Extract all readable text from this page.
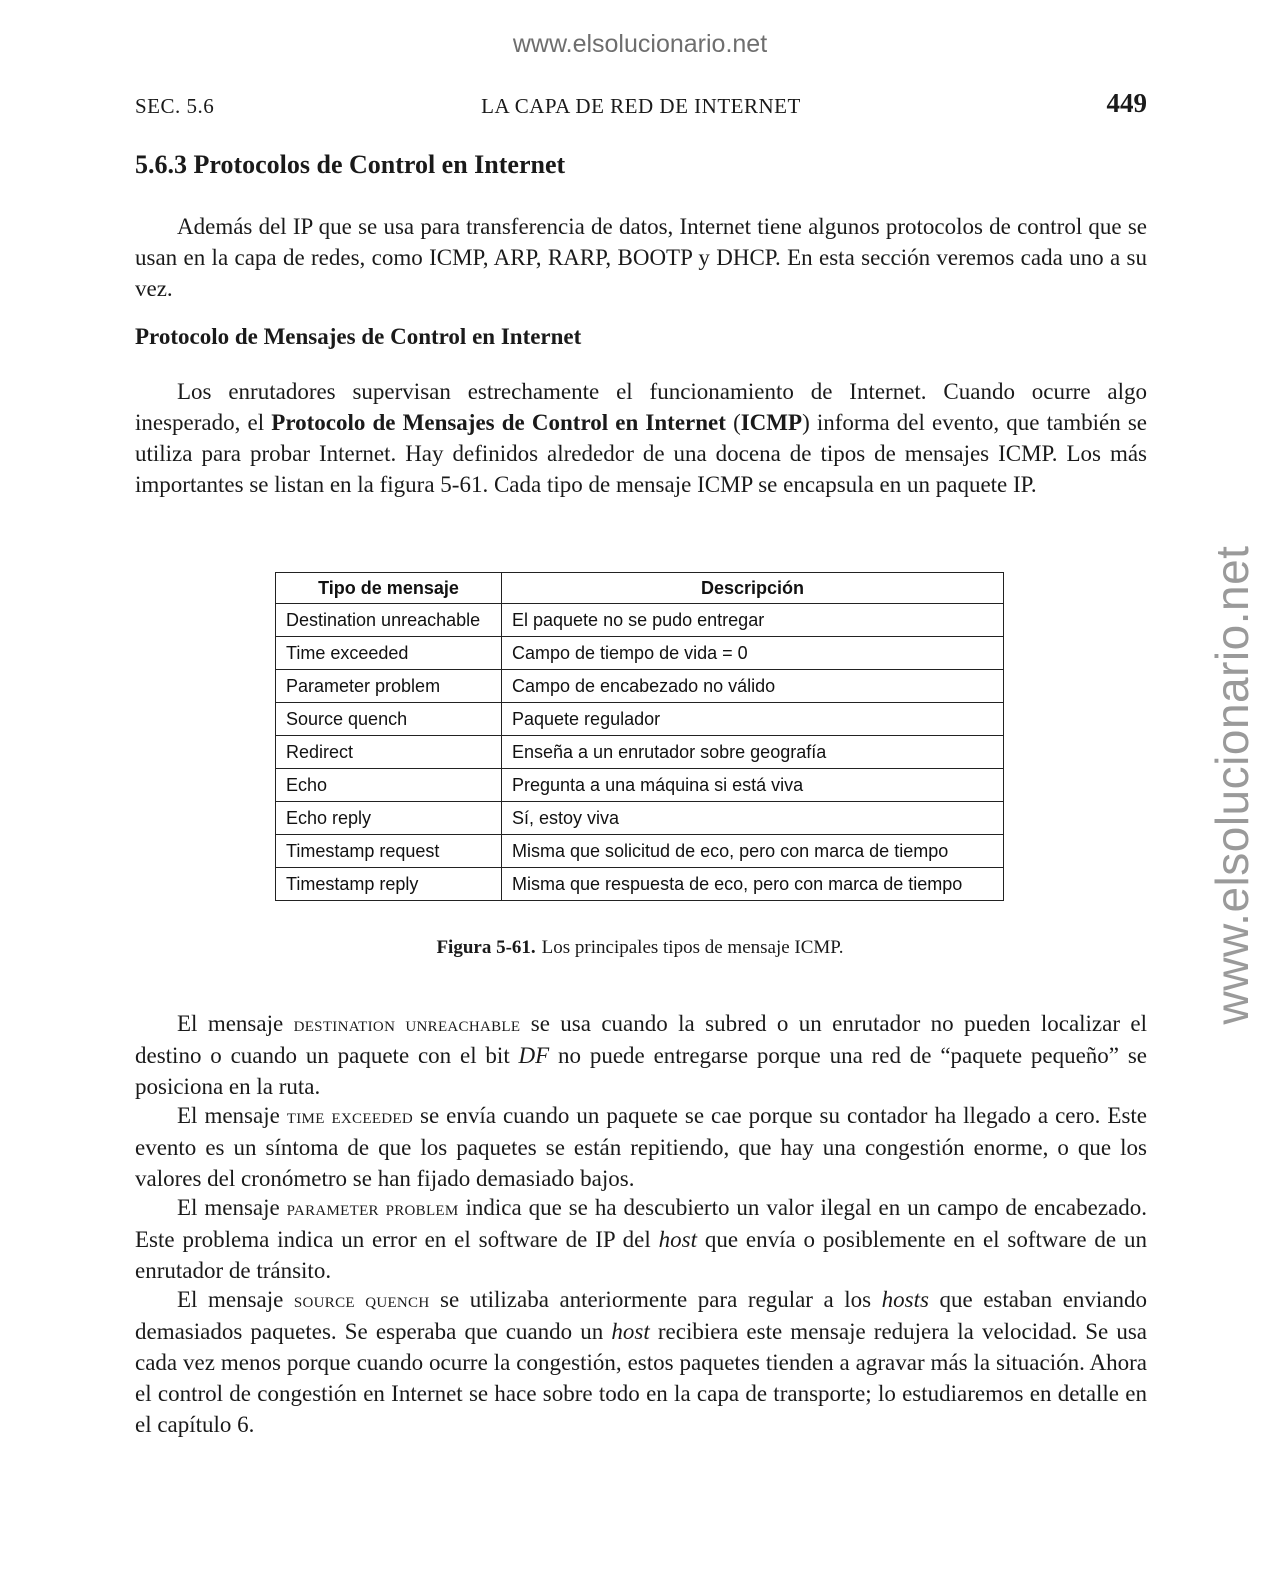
www.elsolucionario.net
www.elsolucionario.net
SEC. 5.6	LA CAPA DE RED DE INTERNET	449
5.6.3 Protocolos de Control en Internet

Además del IP que se usa para transferencia de datos, Internet tiene algunos protocolos de control que se usan en la capa de redes, como ICMP, ARP, RARP, BOOTP y DHCP. En esta sección veremos cada uno a su vez.

Protocolo de Mensajes de Control en Internet

Los enrutadores supervisan estrechamente el funcionamiento de Internet. Cuando ocurre algo inesperado, el Protocolo de Mensajes de Control en Internet (ICMP) informa del evento, que también se utiliza para probar Internet. Hay definidos alrededor de una docena de tipos de mensajes ICMP. Los más importantes se listan en la figura 5-61. Cada tipo de mensaje ICMP se encapsula en un paquete IP.

Tipo de mensaje	Descripción
Destination unreachable	El paquete no se pudo entregar
Time exceeded	Campo de tiempo de vida = 0
Parameter problem	Campo de encabezado no válido
Source quench	Paquete regulador
Redirect	Enseña a un enrutador sobre geografía
Echo	Pregunta a una máquina si está viva
Echo reply	Sí, estoy viva
Timestamp request	Misma que solicitud de eco, pero con marca de tiempo
Timestamp reply	Misma que respuesta de eco, pero con marca de tiempo
Figura 5-61. Los principales tipos de mensaje ICMP.

El mensaje destination unreachable se usa cuando la subred o un enrutador no pueden localizar el destino o cuando un paquete con el bit DF no puede entregarse porque una red de “paquete pequeño” se posiciona en la ruta.

El mensaje time exceeded se envía cuando un paquete se cae porque su contador ha llegado a cero. Este evento es un síntoma de que los paquetes se están repitiendo, que hay una congestión enorme, o que los valores del cronómetro se han fijado demasiado bajos.

El mensaje parameter problem indica que se ha descubierto un valor ilegal en un campo de encabezado. Este problema indica un error en el software de IP del host que envía o posiblemente en el software de un enrutador de tránsito.

El mensaje source quench se utilizaba anteriormente para regular a los hosts que estaban enviando demasiados paquetes. Se esperaba que cuando un host recibiera este mensaje redujera la velocidad. Se usa cada vez menos porque cuando ocurre la congestión, estos paquetes tienden a agravar más la situación. Ahora el control de congestión en Internet se hace sobre todo en la capa de transporte; lo estudiaremos en detalle en el capítulo 6.
